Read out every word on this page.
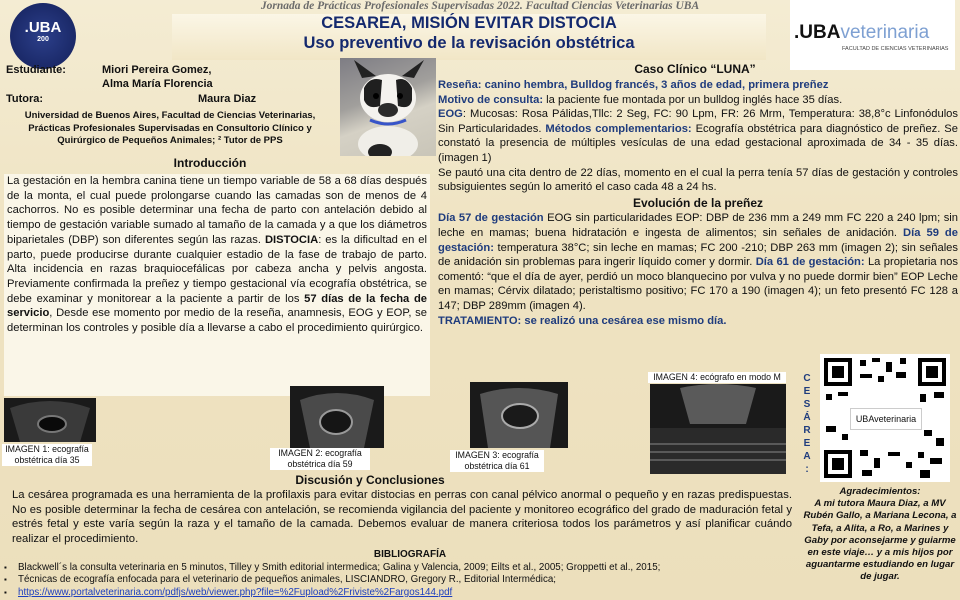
.UBA
200
Jornada de Prácticas Profesionales Supervisadas 2022. Facultad Ciencias Veterinarias UBA
CESAREA, MISIÓN EVITAR DISTOCIA
Uso preventivo de la revisación obstétrica	.UBAveterinaria
FACULTAD DE CIENCIAS VETERINARIAS
Estudiante:	Miori Pereira Gomez,
Alma María Florencia
Tutora:	Maura Diaz
Universidad de Buenos Aires, Facultad de Ciencias Veterinarias, Prácticas Profesionales Supervisadas en Consultorio Clínico y Quirúrgico de Pequeños Animales; ² Tutor de PPS
Introducción
La gestación en la hembra canina tiene un tiempo variable de 58 a 68 días después de la monta, el cual puede prolongarse cuando las camadas son de menos de 4 cachorros. No es posible determinar una fecha de parto con antelación debido al tiempo de gestación variable sumado al tamaño de la camada y a que los diámetros biparietales (DBP) son diferentes según las razas. DISTOCIA: es la dificultad en el parto, puede producirse durante cualquier estadio de la fase de trabajo de parto. Alta incidencia en razas braquiocefálicas por cabeza ancha y pelvis angosta. Previamente confirmada la preñez y tiempo gestacional vía ecografía obstétrica, se debe examinar y monitorear a la paciente a partir de los 57 días de la fecha de servicio, Desde ese momento por medio de la reseña, anamnesis, EOG y EOP, se determinan los controles y posible día a llevarse a cabo el procedimiento quirúrgico.
Caso Clínico “LUNA”
Reseña: canino hembra, Bulldog francés, 3 años de edad, primera preñez
Motivo de consulta: la paciente fue montada por un bulldog inglés hace 35 días.
EOG: Mucosas: Rosa Pálidas,Tllc: 2 Seg, FC: 90 Lpm, FR: 26 Mrm, Temperatura: 38,8°c Linfonódulos Sin Particularidades. Métodos complementarios: Ecografía obstétrica para diagnóstico de preñez. Se constató la presencia de múltiples vesículas de una edad gestacional aproximada de 34 - 35 días. (imagen 1)
Se pautó una cita dentro de 22 días, momento en el cual la perra tenía 57 días de gestación y controles subsiguientes según lo ameritó el caso cada 48 a 24 hs.
Evolución de la preñez
Día 57 de gestación EOG sin particularidades EOP: DBP de 236 mm a 249 mm FC 220 a 240 lpm; sin leche en mamas; buena hidratación e ingesta de alimentos; sin señales de anidación. Día 59 de gestación: temperatura 38°C; sin leche en mamas; FC 200 -210; DBP 263 mm (imagen 2); sin señales de anidación sin problemas para ingerir líquido comer y dormir. Día 61 de gestación: La propietaria nos comentó: “que el día de ayer, perdió un moco blanquecino por vulva y no puede dormir bien” EOP Leche en mamas; Cérvix dilatado; peristaltismo positivo; FC 170 a 190 (imagen 4); un feto presentó FC 128 a 147; DBP 289mm (imagen 4).
TRATAMIENTO: se realizó una cesárea ese mismo día.
IMAGEN 1: ecografía obstétrica día 35
IMAGEN 2: ecografía obstétrica día 59
IMAGEN 3: ecografía obstétrica día 61
IMAGEN 4: ecógrafo en modo M	C
E
S
Á
R
E
A
:
UBAveterinaria
Agradecimientos:
A mi tutora Maura Diaz, a MV Rubén Gallo, a Mariana Lecona, a Tefa, a Alita, a Ro, a Marines y Gaby por aconsejarme y guiarme en este viaje… y a mis hijos por aguantarme estudiando en lugar de jugar.
Discusión y Conclusiones
La cesárea programada es una herramienta de la profilaxis para evitar distocias en perras con canal pélvico anormal o pequeño y en razas predispuestas. No es posible determinar la fecha de cesárea con antelación, se recomienda vigilancia del paciente y monitoreo ecográfico del grado de maduración fetal y estrés fetal y este varía según la raza y el tamaño de la camada. Debemos evaluar de manera criteriosa todos los parámetros y así planificar cuándo realizar el procedimiento.
BIBLIOGRAFÍA
▪ Blackwell´s la consulta veterinaria en 5 minutos, Tilley y Smith editorial intermedica; Galina y Valencia, 2009; Eilts et al., 2005; Groppetti et al., 2015;
▪ Técnicas de ecografía enfocada para el veterinario de pequeños animales, LISCIANDRO, Gregory R., Editorial Intermédica;
▪ https://www.portalveterinaria.com/pdfjs/web/viewer.php?file=%2Fupload%2Friviste%2Fargos144.pdf
